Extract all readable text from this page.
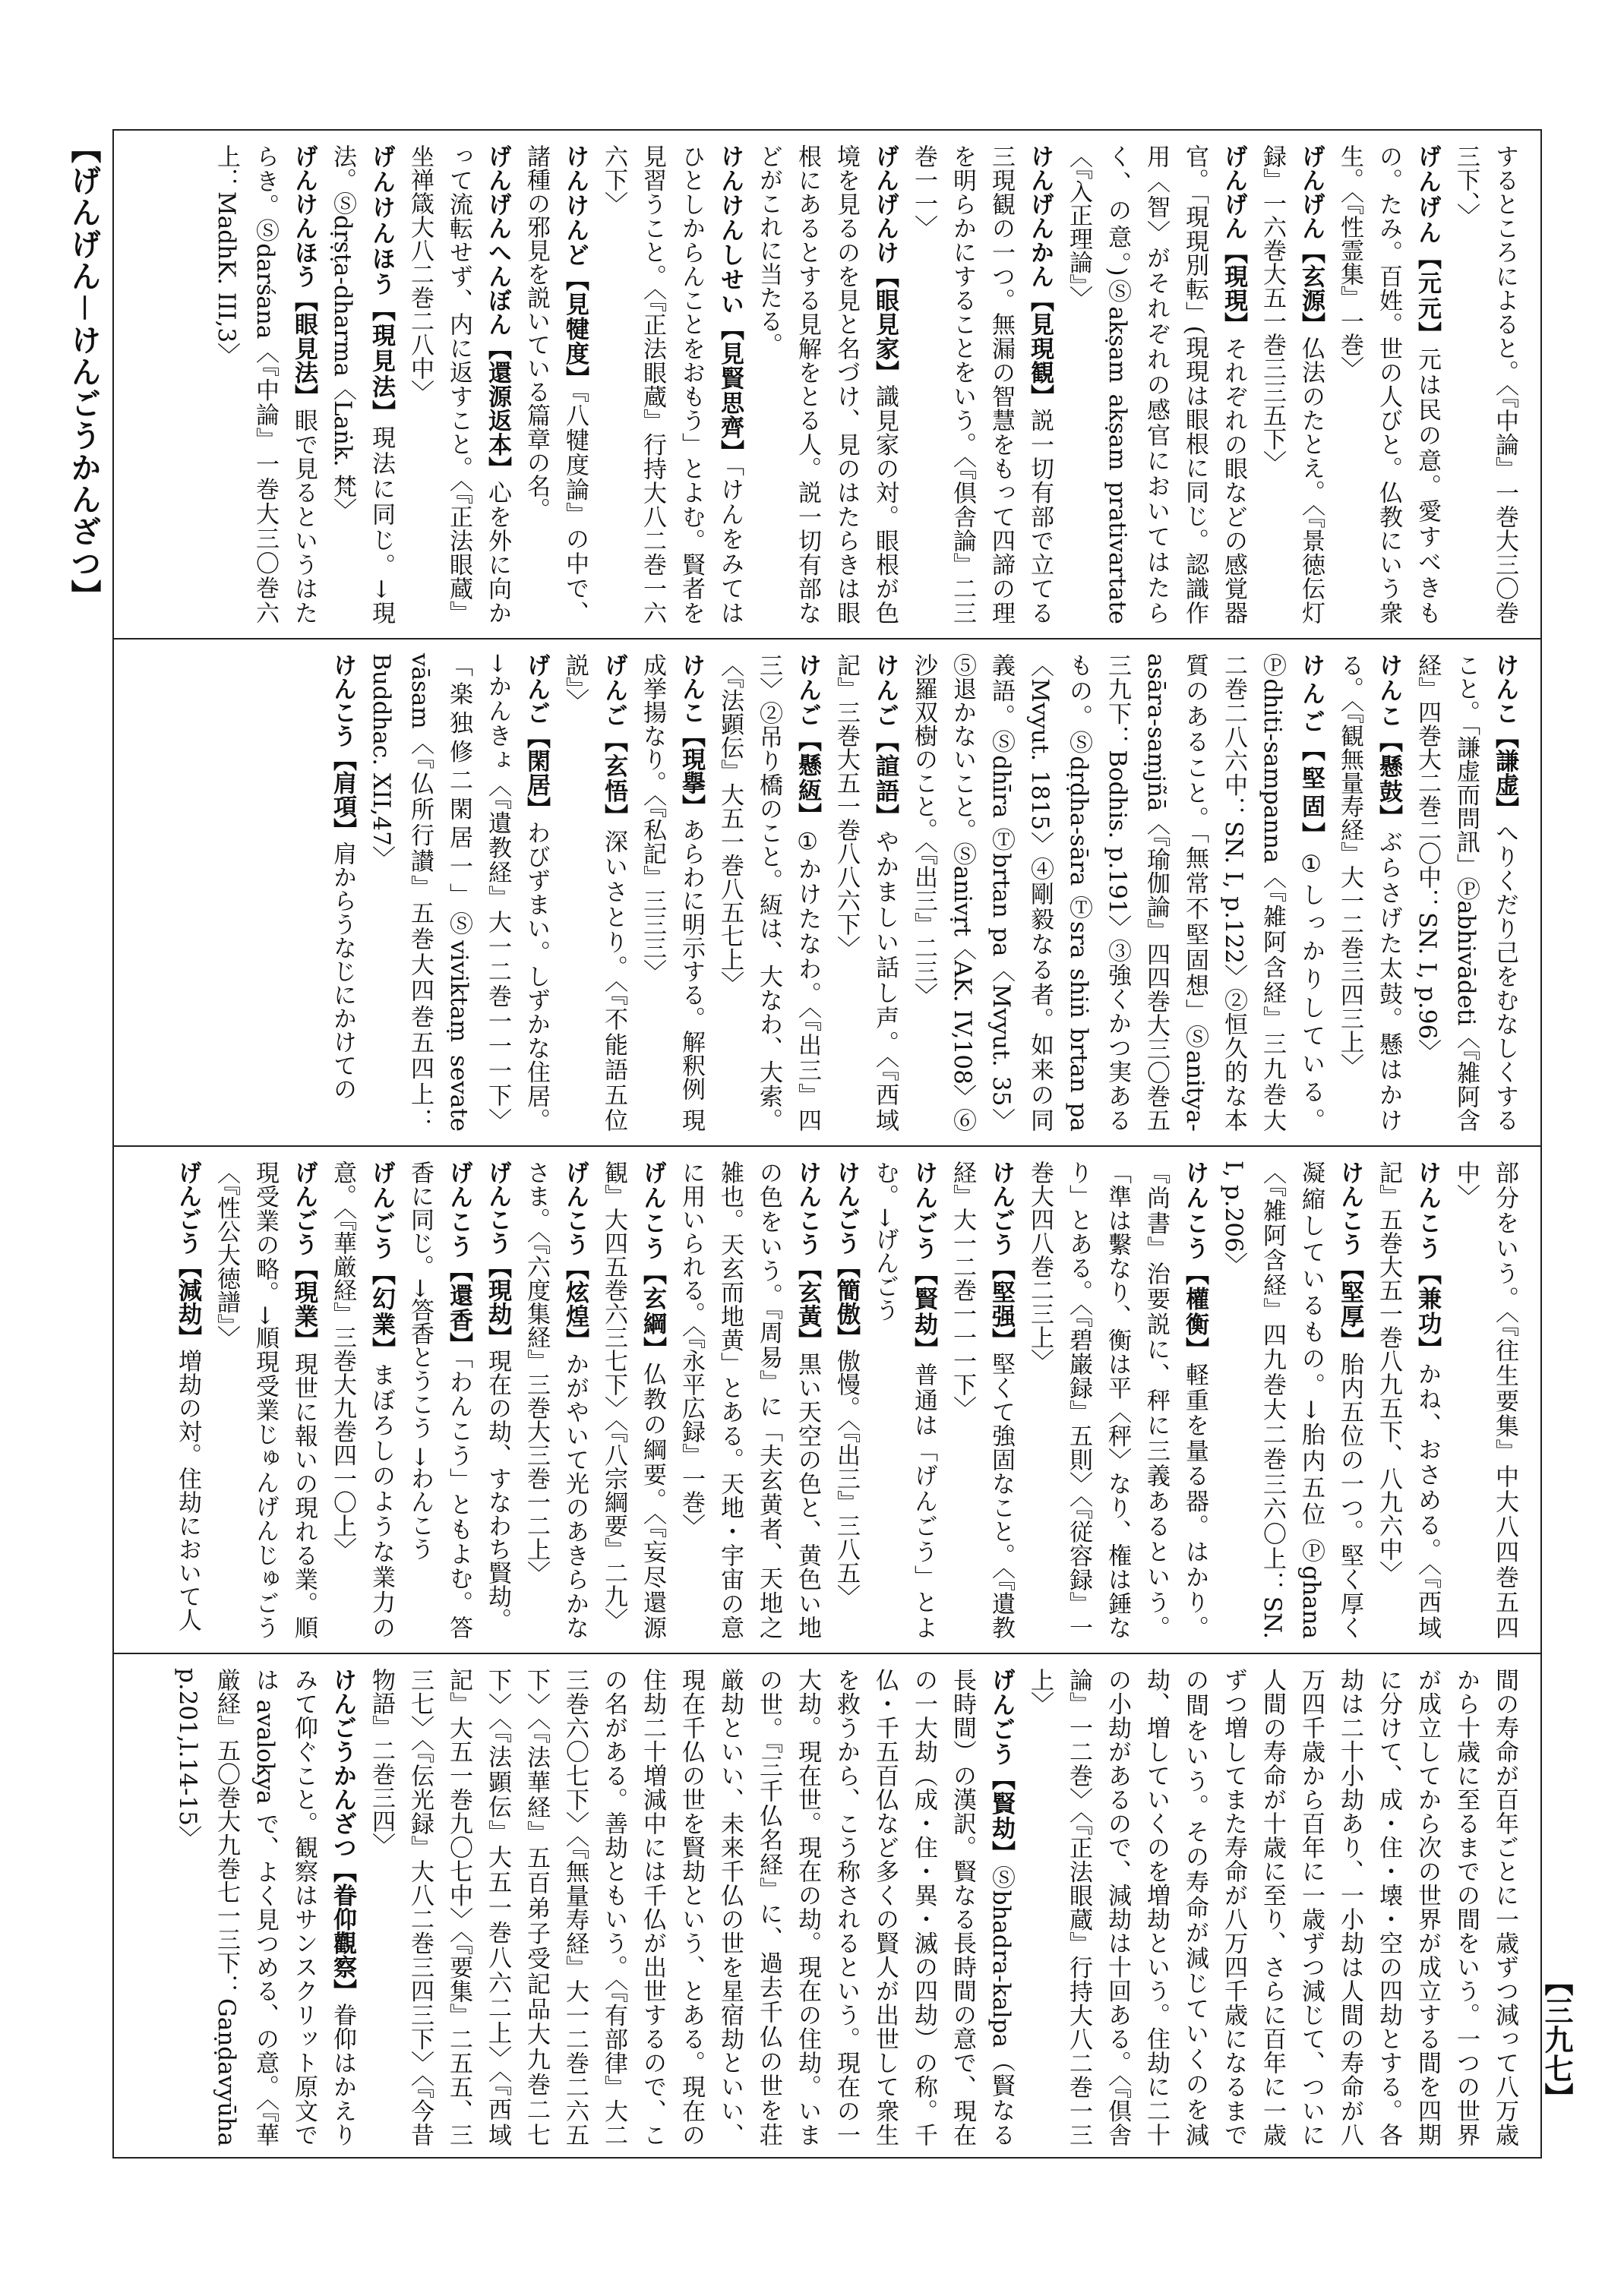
【げんげん－けんごうかんざつ】
【三九七】

するところによると。〈『中論』一巻大三〇巻三下、〉

げんげん【元元】元は民の意。愛すべきもの。たみ。百姓。世の人びと。仏教にいう衆生。〈『性霊集』一巻〉

げんげん【玄源】仏法のたとえ。〈『景徳伝灯録』一六巻大五一巻三三五下〉

げんげん【現現】それぞれの眼などの感覚器官。「現現別転」(現現は眼根に同じ。認識作用〈智〉がそれぞれの感官においてはたらく、の意。)Ⓢakṣam akṣam prativartate〈『入正理論』〉

けんげんかん【見現観】説一切有部で立てる三現観の一つ。無漏の智慧をもって四諦の理を明らかにすることをいう。〈『倶舎論』二三巻一一〉

げんげんけ【眼見家】識見家の対。眼根が色境を見るのを見と名づけ、見のはたらきは眼根にあるとする見解をとる人。説一切有部などがこれに当たる。

けんけんしせい【見賢思齊】「けんをみてはひとしからんことをおもう」とよむ。賢者を見習うこと。〈『正法眼蔵』行持大八二巻一六六下〉

けんけんど【見犍度】『八犍度論』の中で、諸種の邪見を説いている篇章の名。

げんげんへんぼん【還源返本】心を外に向かって流転せず、内に返すこと。〈『正法眼蔵』坐禅箴大八二巻二八中〉

げんけんほう【現見法】現法に同じ。→現法。Ⓢdṛṣṭa-dharma〈Laṅk. 梵〉

げんけんほう【眼見法】眼で見るというはたらき。Ⓢdarśana〈『中論』一巻大三〇巻六上：MadhK. III,3〉

けんこ【謙虚】へりくだり己をむなしくすること。「謙虚而問訊」Ⓟabhivādeti〈『雑阿含経』四巻大二巻二〇中：SN. I, p.96〉

けんこ【懸鼓】ぶらさげた太鼓。懸はかける。〈『観無量寿経』大一二巻三四三上〉

けんご【堅固】①しっかりしている。Ⓟdhiti-sampanna〈『雑阿含経』三九巻大二巻二八六中：SN. I, p.122〉②恒久的な本質のあること。「無常不堅固想」Ⓢanitya-asāra-saṃjñā〈『瑜伽論』四四巻大三〇巻五三九下：Bodhis. p.191〉③強くかつ実あるもの。Ⓢdṛḍha-sāra Ⓣsra shiṅ brtan pa〈Mvyut. 1815〉④剛毅なる者。如来の同義語。Ⓢdhīra Ⓣbrtan pa〈Mvyut. 35〉⑤退かないこと。Ⓢanivṛt〈AK. IV,108〉⑥沙羅双樹のこと。〈『出三』二三〉

けんご【諠語】やかましい話し声。〈『西域記』三巻大五一巻八八六下〉

けんご【懸絚】①かけたなわ。〈『出三』四三〉②吊り橋のこと。絚は、大なわ、大索。〈『法顕伝』大五一巻八五七上〉

けんこ【現擧】あらわに明示する。解釈例 現成挙揚なり。〈『私記』三三三〉

げんご【玄悟】深いさとり。〈『不能語五位説』〉

げんご【閑居】わびずまい。しずかな住居。→かんきょ〈『遺教経』大一二巻一一一下〉「楽独修二閑居一」Ⓢviviktaṃ sevate vāsam〈『仏所行讃』五巻大四巻五四上：Buddhac. XII,47〉

けんこう【肩項】肩からうなじにかけての

部分をいう。〈『往生要集』中大八四巻五四中〉

けんこう【兼功】かね、おさめる。〈『西域記』五巻大五一巻八九五下、八九六中〉

けんこう【堅厚】胎内五位の一つ。堅く厚く凝縮しているもの。→胎内五位 Ⓟghana〈『雑阿含経』四九巻大二巻三六〇上：SN. I, p.206〉

けんこう【權衡】軽重を量る器。はかり。『尚書』治要説に、秤に三義あるという。「準は繫なり、衡は平〈秤〉なり、権は錘なり」とある。〈『碧巌録』五則〉〈『従容録』一巻大四八巻二三上〉

けんごう【堅强】堅くて強固なこと。〈『遺教経』大一二巻一一一下〉

けんごう【賢劫】普通は「げんごう」とよむ。→げんごう

けんごう【簡傲】傲慢。〈『出三』三八五〉

けんこう【玄黃】黒い天空の色と、黄色い地の色をいう。『周易』に「夫玄黄者、天地之雑也。天玄而地黄」とある。天地・宇宙の意に用いられる。〈『永平広録』一巻〉

げんこう【玄綱】仏教の綱要。〈『妄尽還源観』大四五巻六三七下〉〈『八宗綱要』二九〉

げんこう【炫煌】かがやいて光のあきらかなさま。〈『六度集経』三巻大三巻一二上〉

げんこう【現劫】現在の劫、すなわち賢劫。

げんこう【還香】「わんこう」ともよむ。答香に同じ。→答香とうこう →わんこう

げんごう【幻業】まぼろしのような業力の意。〈『華厳経』三巻大九巻四一〇上〉

げんごう【現業】現世に報いの現れる業。順現受業の略。→順現受業じゅんげんじゅごう〈『性公大徳譜』〉

げんごう【減劫】増劫の対。住劫において人

間の寿命が百年ごとに一歳ずつ減って八万歳から十歳に至るまでの間をいう。一つの世界が成立してから次の世界が成立する間を四期に分けて、成・住・壊・空の四劫とする。各劫は二十小劫あり、一小劫は人間の寿命が八万四千歳から百年に一歳ずつ減じて、ついに人間の寿命が十歳に至り、さらに百年に一歳ずつ増してまた寿命が八万四千歳になるまでの間をいう。その寿命が減じていくのを減劫、増していくのを増劫という。住劫に二十の小劫があるので、減劫は十回ある。〈『倶舎論』一二巻〉〈『正法眼蔵』行持大八二巻一三上〉

げんごう【賢劫】Ⓢbhadra-kalpa（賢なる長時間）の漢訳。賢なる長時間の意で、現在の一大劫（成・住・異・滅の四劫）の称。千仏・千五百仏など多くの賢人が出世して衆生を救うから、こう称されるという。現在の一大劫。現在世。現在の劫。現在の住劫。いまの世。『三千仏名経』に、過去千仏の世を荘厳劫といい、未来千仏の世を星宿劫といい、現在千仏の世を賢劫という、とある。現在の住劫二十増減中には千仏が出世するので、この名がある。善劫ともいう。〈『有部律』大二三巻六〇七下〉〈『無量寿経』大一二巻二六五下〉〈『法華経』五百弟子受記品大九巻二七下〉〈『法顕伝』大五一巻八六二上〉〈『西域記』大五一巻九〇七中〉〈『要集』二五五、三三七〉〈『伝光録』大八二巻三四三下〉〈『今昔物語』二巻三四〉

けんごうかんざつ【眷仰觀察】眷仰はかえりみて仰ぐこと。観察はサンスクリット原文では avalokya で、よく見つめる、の意。〈『華厳経』五〇巻大九巻七一三下：Gaṇḍavyūha p.201,l.14-15〉
